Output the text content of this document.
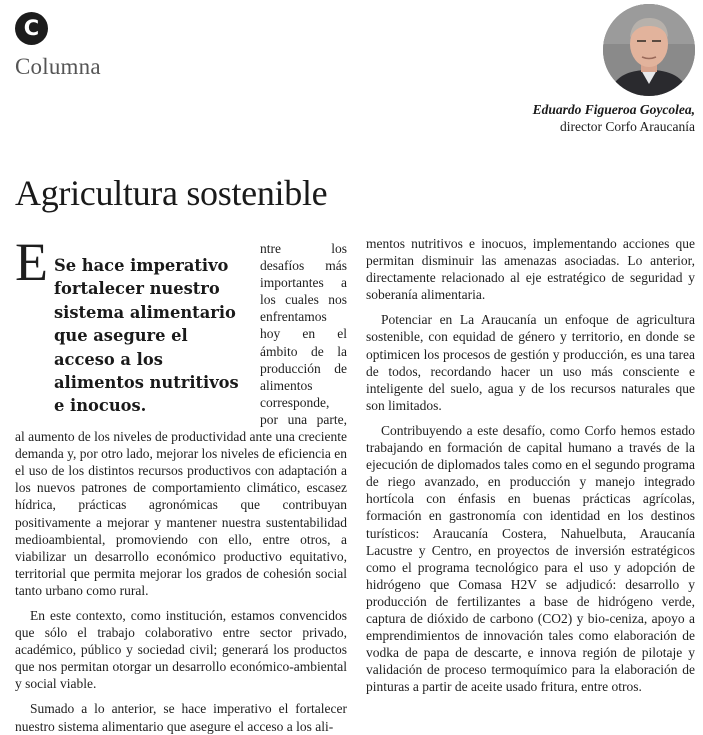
C
Columna
Eduardo Figueroa Goycolea,
director Corfo Araucanía
Agricultura sostenible

E Se hace imperativo fortalecer nuestro sistema alimentario que asegure el acceso a los alimentos nutritivos e inocuos.
ntre los desafíos más importantes a los cuales nos enfrentamos hoy en el ámbito de la producción de alimentos corresponde, por una parte, al aumento de los niveles de productividad ante una creciente demanda y, por otro lado, mejorar los niveles de eficiencia en el uso de los distintos recursos productivos con adaptación a los nuevos patrones de comportamiento climático, escasez hídrica, prácticas agronómicas que contribuyan positivamente a mejorar y mantener nuestra sustentabilidad medioambiental, promoviendo con ello, entre otros, a viabilizar un desarrollo económico productivo equitativo, territorial que permita mejorar los grados de cohesión social tanto urbano como rural.

En este contexto, como institución, estamos convencidos que sólo el trabajo colaborativo entre sector privado, académico, público y sociedad civil; generará los productos que nos permitan otorgar un desarrollo económico-ambiental y social viable.

Sumado a lo anterior, se hace imperativo el fortalecer nuestro sistema alimentario que asegure el acceso a los ali-

mentos nutritivos e inocuos, implementando acciones que permitan disminuir las amenazas asociadas. Lo anterior, directamente relacionado al eje estratégico de seguridad y soberanía alimentaria.

Potenciar en La Araucanía un enfoque de agricultura sostenible, con equidad de género y territorio, en donde se optimicen los procesos de gestión y producción, es una tarea de todos, recordando hacer un uso más consciente e inteligente del suelo, agua y de los recursos naturales que son limitados.

Contribuyendo a este desafío, como Corfo hemos estado trabajando en formación de capital humano a través de la ejecución de diplomados tales como en el segundo programa de riego avanzado, en producción y manejo integrado hortícola con énfasis en buenas prácticas agrícolas, formación en gastronomía con identidad en los destinos turísticos: Araucanía Costera, Nahuelbuta, Araucanía Lacustre y Centro, en proyectos de inversión estratégicos como el programa tecnológico para el uso y adopción de hidrógeno que Comasa H2V se adjudicó: desarrollo y producción de fertilizantes a base de hidrógeno verde, captura de dióxido de carbono (CO2) y bio-ceniza, apoyo a emprendimientos de innovación tales como elaboración de vodka de papa de descarte, e innova región de pilotaje y validación de proceso termoquímico para la elaboración de pinturas a partir de aceite usado fritura, entre otros.
